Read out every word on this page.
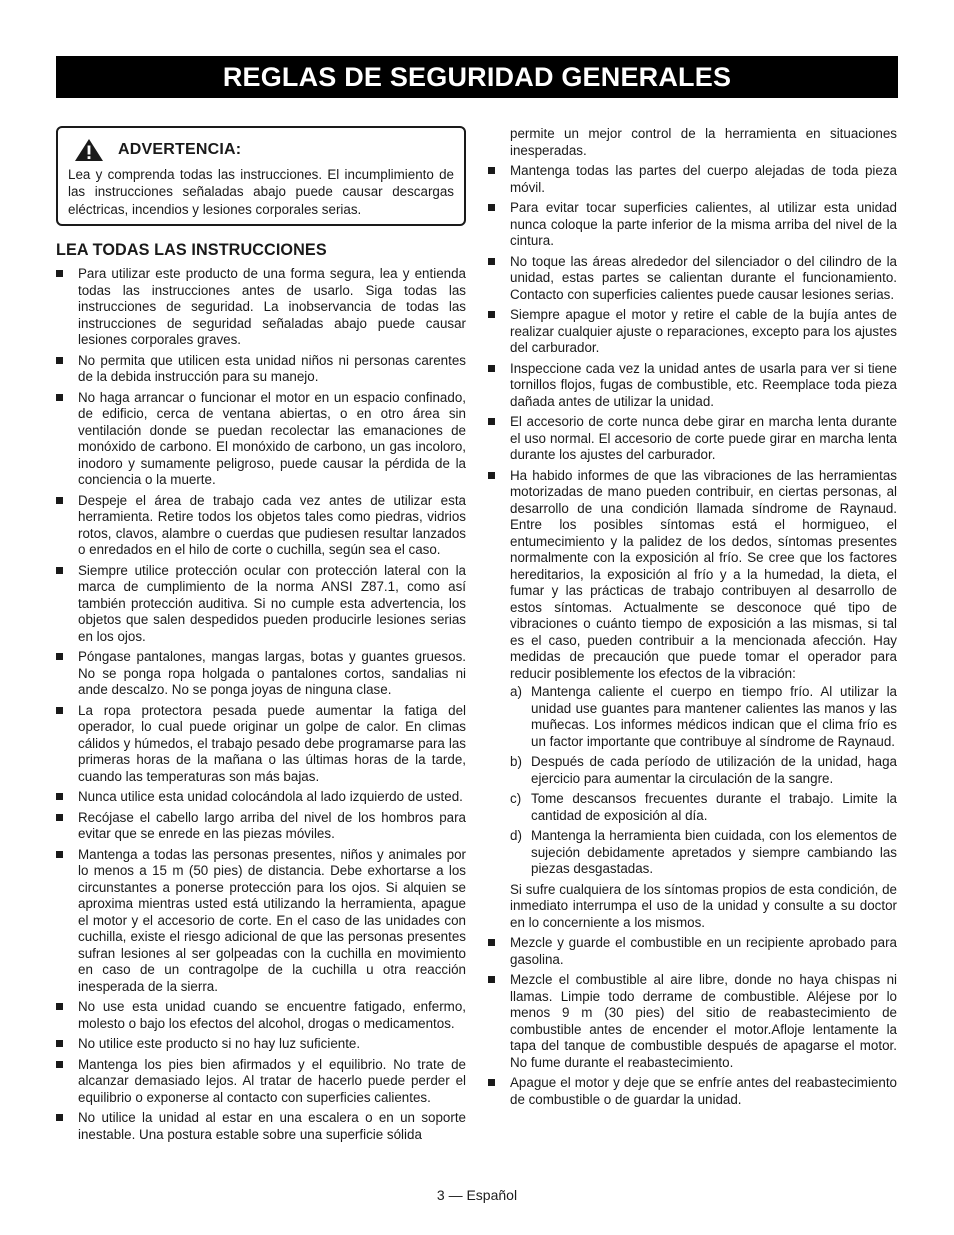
REGLAS DE SEGURIDAD GENERALES
ADVERTENCIA:
Lea y comprenda todas las instrucciones. El incumplimiento de las instrucciones señaladas abajo puede causar descargas eléctricas, incendios y lesiones corporales serias.
LEA TODAS LAS INSTRUCCIONES
Para utilizar este producto de una forma segura, lea y entienda todas las instrucciones antes de usarlo. Siga todas las instrucciones de seguridad. La inobservancia de todas las instrucciones de seguridad señaladas abajo puede causar lesiones corporales graves.
No permita que utilicen esta unidad niños ni personas carentes de la debida instrucción para su manejo.
No haga arrancar o funcionar el motor en un espacio confinado, de edificio, cerca de ventana abiertas, o en otro área sin ventilación donde se puedan recolectar las emanaciones de monóxido de carbono. El monóxido de carbono, un gas incoloro, inodoro y sumamente peligroso, puede causar la pérdida de la conciencia o la muerte.
Despeje el área de trabajo cada vez antes de utilizar esta herramienta. Retire todos los objetos tales como piedras, vidrios rotos, clavos, alambre o cuerdas que pudiesen resultar lanzados o enredados en el hilo de corte o cuchilla, según sea el caso.
Siempre utilice protección ocular con protección lateral con la marca de cumplimiento de la norma ANSI Z87.1, como así también protección auditiva. Si no cumple esta advertencia, los objetos que salen despedidos pueden producirle lesiones serias en los ojos.
Póngase pantalones, mangas largas, botas y guantes gruesos. No se ponga ropa holgada o pantalones cortos, sandalias ni ande descalzo. No se ponga joyas de ninguna clase.
La ropa protectora pesada puede aumentar la fatiga del operador, lo cual puede originar un golpe de calor. En climas cálidos y húmedos, el trabajo pesado debe programarse para las primeras horas de la mañana o las últimas horas de la tarde, cuando las temperaturas son más bajas.
Nunca utilice esta unidad colocándola al lado izquierdo de usted.
Recójase el cabello largo arriba del nivel de los hombros para evitar que se enrede en las piezas móviles.
Mantenga a todas las personas presentes, niños y animales por lo menos a 15 m (50 pies) de distancia. Debe exhortarse a los circunstantes a ponerse protección para los ojos. Si alquien se aproxima mientras usted está utilizando la herramienta, apague el motor y el accesorio de corte. En el caso de las unidades con cuchilla, existe el riesgo adicional de que las personas presentes sufran lesiones al ser golpeadas con la cuchilla en movimiento en caso de un contragolpe de la cuchilla u otra reacción inesperada de la sierra.
No use esta unidad cuando se encuentre fatigado, enfermo, molesto o bajo los efectos del alcohol, drogas o medicamentos.
No utilice este producto si no hay luz suficiente.
Mantenga los pies bien afirmados y el equilibrio. No trate de alcanzar demasiado lejos. Al tratar de hacerlo puede perder el equilibrio o exponerse al contacto con superficies calientes.
No utilice la unidad al estar en una escalera o en un soporte inestable. Una postura estable sobre una superficie sólida

permite un mejor control de la herramienta en situaciones inesperadas.

Mantenga todas las partes del cuerpo alejadas de toda pieza móvil.
Para evitar tocar superficies calientes, al utilizar esta unidad nunca coloque la parte inferior de la misma arriba del nivel de la cintura.
No toque las áreas alrededor del silenciador o del cilindro de la unidad, estas partes se calientan durante el funcionamiento. Contacto con superficies calientes puede causar lesiones serias.
Siempre apague el motor y retire el cable de la bujía antes de realizar cualquier ajuste o reparaciones, excepto para los ajustes del carburador.
Inspeccione cada vez la unidad antes de usarla para ver si tiene tornillos flojos, fugas de combustible, etc. Reemplace toda pieza dañada antes de utilizar la unidad.
El accesorio de corte nunca debe girar en marcha lenta durante el uso normal. El accesorio de corte puede girar en marcha lenta durante los ajustes del carburador.
Ha habido informes de que las vibraciones de las herramientas motorizadas de mano pueden contribuir, en ciertas personas, al desarrollo de una condición llamada síndrome de Raynaud. Entre los posibles síntomas está el hormigueo, el entumecimiento y la palidez de los dedos, síntomas presentes normalmente con la exposición al frío. Se cree que los factores hereditarios, la exposición al frío y a la humedad, la dieta, el fumar y las prácticas de trabajo contribuyen al desarrollo de estos síntomas. Actualmente se desconoce qué tipo de vibraciones o cuánto tiempo de exposición a las mismas, si tal es el caso, pueden contribuir a la mencionada afección. Hay medidas de precaución que puede tomar el operador para reducir posiblemente los efectos de la vibración:
a) Mantenga caliente el cuerpo en tiempo frío. Al utilizar la unidad use guantes para mantener calientes las manos y las muñecas. Los informes médicos indican que el clima frío es un factor importante que contribuye al síndrome de Raynaud.
b) Después de cada período de utilización de la unidad, haga ejercicio para aumentar la circulación de la sangre.
c) Tome descansos frecuentes durante el trabajo. Limite la cantidad de exposición al día.
d) Mantenga la herramienta bien cuidada, con los elementos de sujeción debidamente apretados y siempre cambiando las piezas desgastadas.

Si sufre cualquiera de los síntomas propios de esta condición, de inmediato interrumpa el uso de la unidad y consulte a su doctor en lo concerniente a los mismos.

Mezcle y guarde el combustible en un recipiente aprobado para gasolina.
Mezcle el combustible al aire libre, donde no haya chispas ni llamas. Limpie todo derrame de combustible. Aléjese por lo menos 9 m (30 pies) del sitio de reabastecimiento de combustible antes de encender el motor.Afloje lentamente la tapa del tanque de combustible después de apagarse el motor. No fume durante el reabastecimiento.
Apague el motor y deje que se enfríe antes del reabastecimiento de combustible o de guardar la unidad.
3 — Español
